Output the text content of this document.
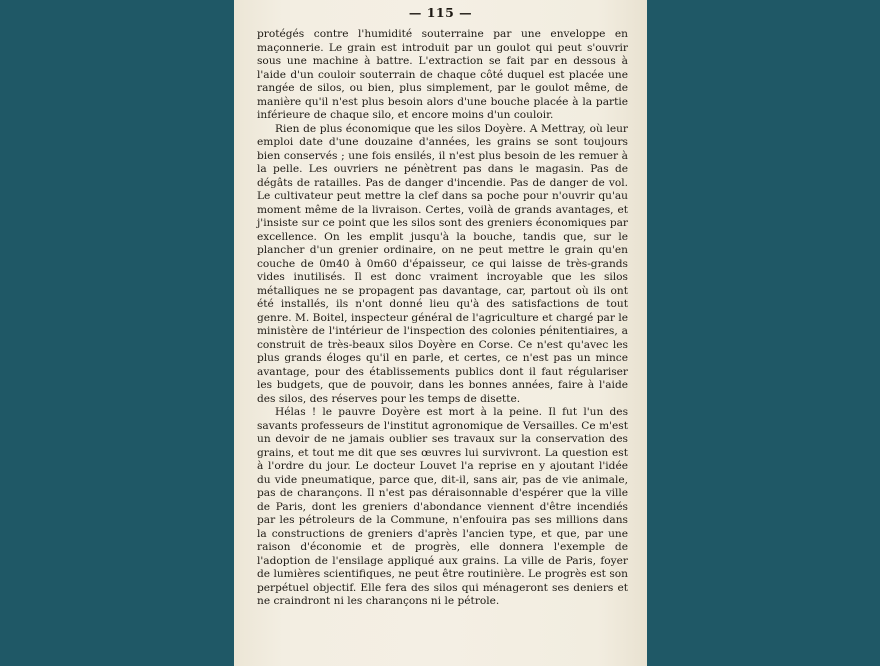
— 115 —

protégés contre l'humidité souterraine par une enveloppe en maçonnerie. Le grain est introduit par un goulot qui peut s'ouvrir sous une machine à battre. L'extraction se fait par en dessous à l'aide d'un couloir souterrain de chaque côté duquel est placée une rangée de silos, ou bien, plus simplement, par le goulot même, de manière qu'il n'est plus besoin alors d'une bouche placée à la partie inférieure de chaque silo, et encore moins d'un couloir.

Rien de plus économique que les silos Doyère. A Mettray, où leur emploi date d'une douzaine d'années, les grains se sont toujours bien conservés ; une fois ensilés, il n'est plus besoin de les remuer à la pelle. Les ouvriers ne pénètrent pas dans le magasin. Pas de dégâts de ratailles. Pas de danger d'incendie. Pas de danger de vol. Le cultivateur peut mettre la clef dans sa poche pour n'ouvrir qu'au moment même de la livraison. Certes, voilà de grands avantages, et j'insiste sur ce point que les silos sont des greniers économiques par excellence. On les emplit jusqu'à la bouche, tandis que, sur le plancher d'un grenier ordinaire, on ne peut mettre le grain qu'en couche de 0m40 à 0m60 d'épaisseur, ce qui laisse de très-grands vides inutilisés. Il est donc vraiment incroyable que les silos métalliques ne se propagent pas davantage, car, partout où ils ont été installés, ils n'ont donné lieu qu'à des satisfactions de tout genre. M. Boitel, inspecteur général de l'agriculture et chargé par le ministère de l'intérieur de l'inspection des colonies pénitentiaires, a construit de très-beaux silos Doyère en Corse. Ce n'est qu'avec les plus grands éloges qu'il en parle, et certes, ce n'est pas un mince avantage, pour des établissements publics dont il faut régulariser les budgets, que de pouvoir, dans les bonnes années, faire à l'aide des silos, des réserves pour les temps de disette.

Hélas ! le pauvre Doyère est mort à la peine. Il fut l'un des savants professeurs de l'institut agronomique de Versailles. Ce m'est un devoir de ne jamais oublier ses travaux sur la conservation des grains, et tout me dit que ses œuvres lui survivront. La question est à l'ordre du jour. Le docteur Louvet l'a reprise en y ajoutant l'idée du vide pneumatique, parce que, dit-il, sans air, pas de vie animale, pas de charançons. Il n'est pas déraisonnable d'espérer que la ville de Paris, dont les greniers d'abondance viennent d'être incendiés par les pétroleurs de la Commune, n'enfouira pas ses millions dans la constructions de greniers d'après l'ancien type, et que, par une raison d'économie et de progrès, elle donnera l'exemple de l'adoption de l'ensilage appliqué aux grains. La ville de Paris, foyer de lumières scientifiques, ne peut être routinière. Le progrès est son perpétuel objectif. Elle fera des silos qui ménageront ses deniers et ne craindront ni les charançons ni le pétrole.
